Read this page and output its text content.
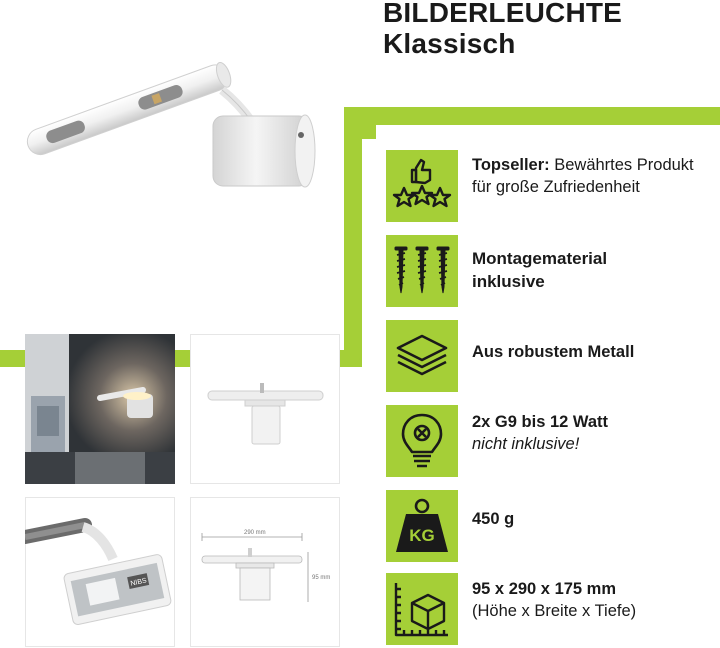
BILDERLEUCHTE
Klassisch
NIBS
290 mm
95 mm
Topseller: Bewährtes Produkt für große Zufriedenheit
Montagematerial inklusive
Aus robustem Metall
2x G9 bis 12 Watt
nicht inklusive!
KG
450 g
95 x 290 x 175 mm
(Höhe x Breite x Tiefe)
